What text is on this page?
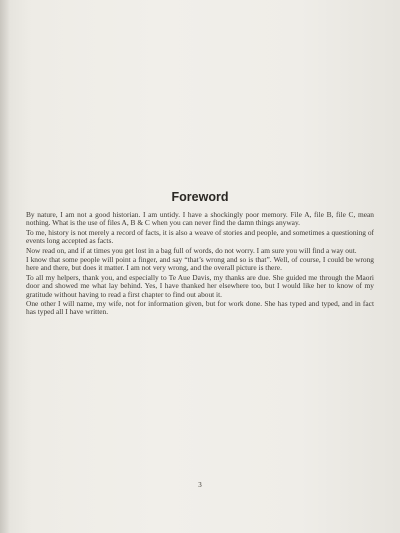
Foreword

By nature, I am not a good historian. I am untidy. I have a shockingly poor memory. File A, file B, file C, mean nothing. What is the use of files A, B & C when you can never find the damn things anyway.

To me, history is not merely a record of facts, it is also a weave of stories and people, and sometimes a questioning of events long accepted as facts.

Now read on, and if at times you get lost in a bag full of words, do not worry. I am sure you will find a way out.

I know that some people will point a finger, and say “that’s wrong and so is that”. Well, of course, I could be wrong here and there, but does it matter. I am not very wrong, and the overall picture is there.

To all my helpers, thank you, and especially to Te Aue Davis, my thanks are due. She guided me through the Maori door and showed me what lay behind. Yes, I have thanked her elsewhere too, but I would like her to know of my gratitude without having to read a first chapter to find out about it.

One other I will name, my wife, not for information given, but for work done. She has typed and typed, and in fact has typed all I have written.

3
